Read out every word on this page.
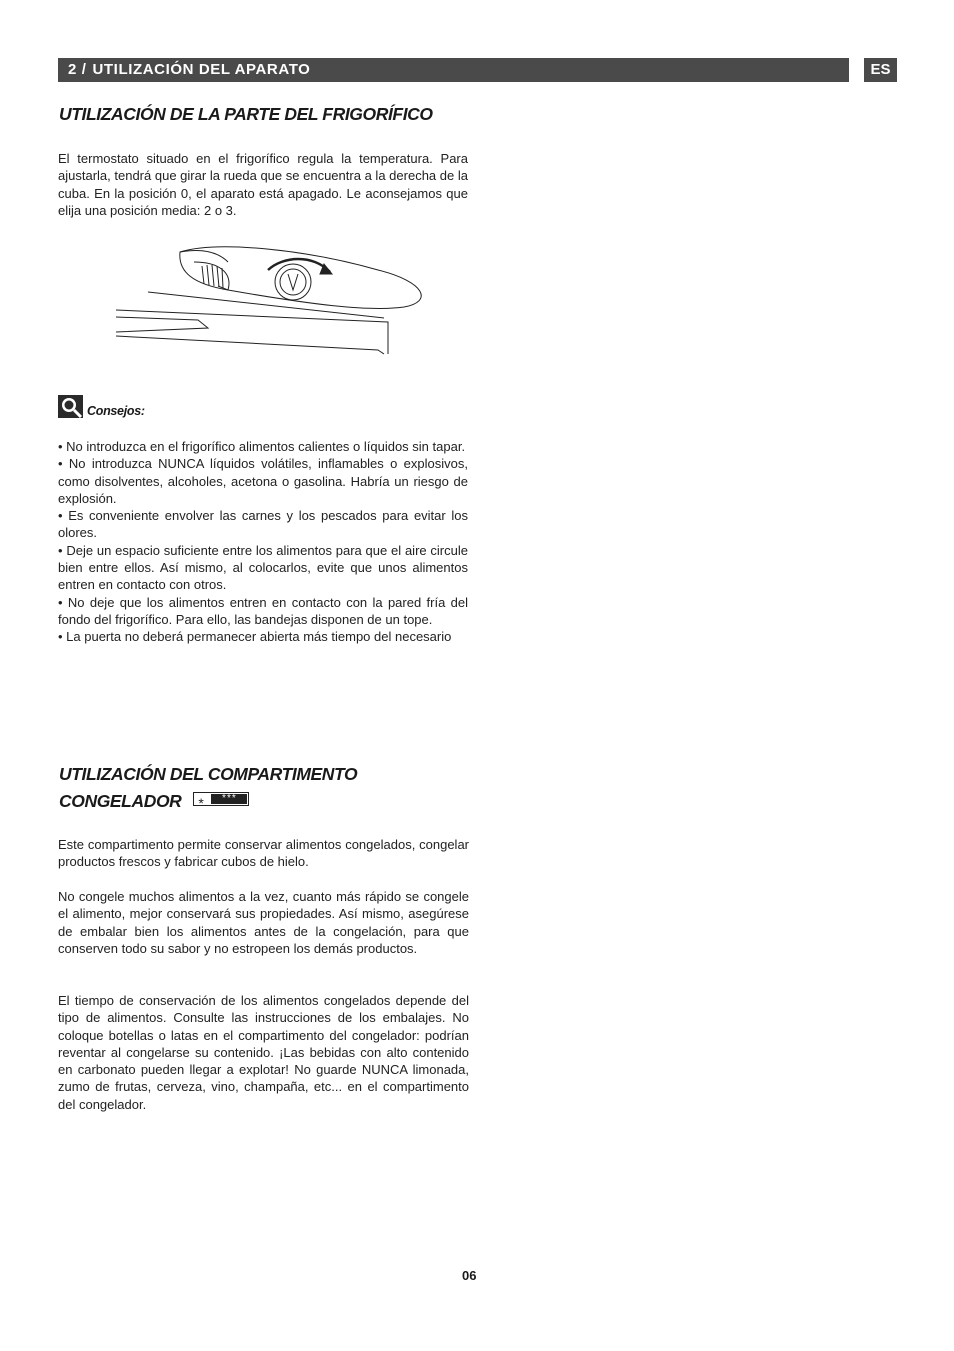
2 / UTILIZACIÓN DEL APARATO	ES
UTILIZACIÓN DE LA PARTE DEL FRIGORÍFICO

El termostato situado en el frigorífico regula la temperatura. Para ajustarla, tendrá que girar la rueda que se encuentra a la derecha de la cuba. En la posición 0, el aparato está apagado. Le aconsejamos que elija una posición media: 2 o 3.

Consejos:
• No introduzca en el frigorífico alimentos calientes o líquidos sin tapar.
• No introduzca NUNCA líquidos volátiles, inflamables o explosivos, como disolventes, alcoholes, acetona o gasolina. Habría un riesgo de explosión.
• Es conveniente envolver las carnes y los pescados para evitar los olores.
• Deje un espacio suficiente entre los alimentos para que el aire circule bien entre ellos. Así mismo, al colocarlos, evite que unos alimentos entren en contacto con otros.
• No deje que los alimentos entren en contacto con la pared fría del fondo del frigorífico. Para ello, las bandejas disponen de un tope.
• La puerta no deberá permanecer abierta más tiempo del necesario
UTILIZACIÓN DEL COMPARTIMENTO
CONGELADOR *	***

Este compartimento permite conservar alimentos congelados, congelar productos frescos y fabricar cubos de hielo.

No congele muchos alimentos a la vez, cuanto más rápido se congele el alimento, mejor conservará sus propiedades. Así mismo, asegúrese de embalar bien los alimentos antes de la congelación, para que conserven todo su sabor y no estropeen los demás productos.

El tiempo de conservación de los alimentos congelados depende del tipo de alimentos. Consulte las instrucciones de los embalajes. No coloque botellas o latas en el compartimento del congelador: podrían reventar al congelarse su contenido. ¡Las bebidas con alto contenido en carbonato pueden llegar a explotar! No guarde NUNCA limonada, zumo de frutas, cerveza, vino, champaña, etc... en el compartimento del congelador.

06
